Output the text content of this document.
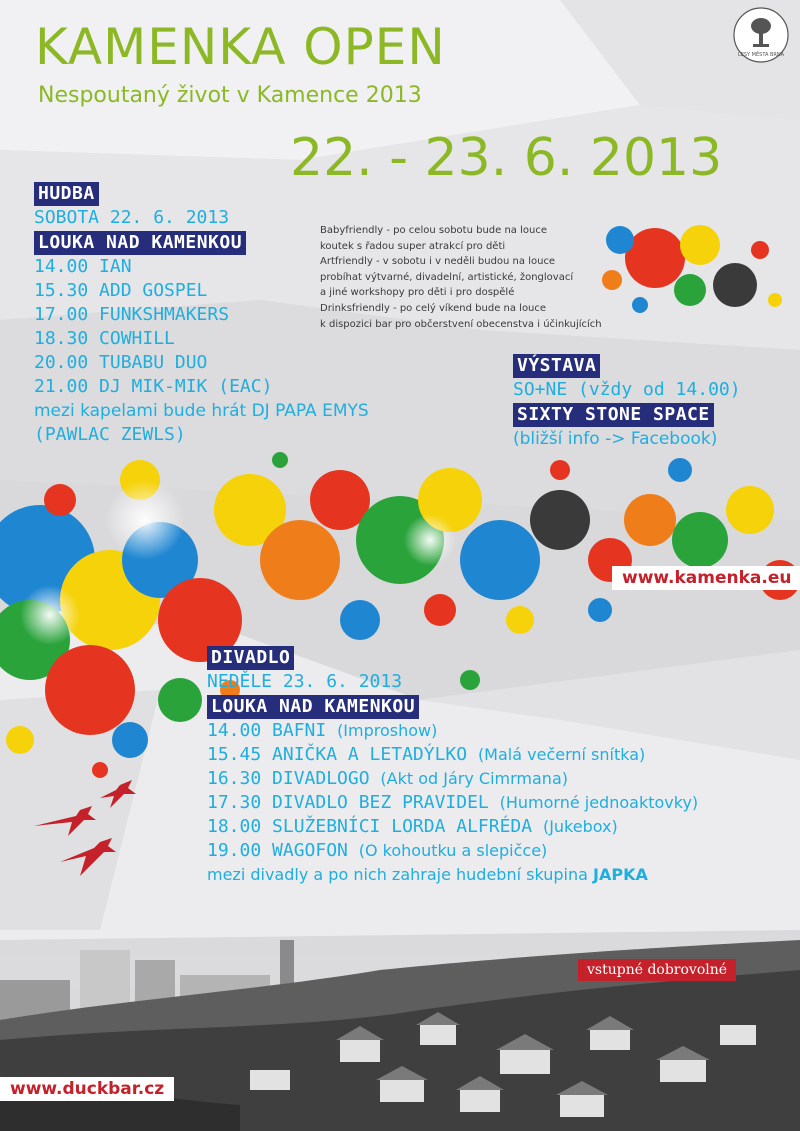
LESY MĚSTA BRNA
KAMENKA OPEN
Nespoutaný život v Kamence 2013
22. - 23. 6. 2013
HUDBA
SOBOTA 22. 6. 2013
LOUKA NAD KAMENKOU
14.00 IAN
15.30 ADD GOSPEL
17.00 FUNKSHMAKERS
18.30 COWHILL
20.00 TUBABU DUO
21.00 DJ MIK-MIK (EAC)
mezi kapelami bude hrát DJ PAPA EMYS
(PAWLAC ZEWLS)
Babyfriendly - po celou sobotu bude na louce
koutek s řadou super atrakcí pro děti
Artfriendly - v sobotu i v neděli budou na louce
probíhat výtvarné, divadelní, artistické, žonglovací
a jiné workshopy pro děti i pro dospělé
Drinksfriendly - po celý víkend bude na louce
k dispozici bar pro občerstvení obecenstva i účinkujících
VÝSTAVA
SO+NE (vždy od 14.00)
SIXTY STONE SPACE
(bližší info -> Facebook)
www.kamenka.eu
DIVADLO
NEDĚLE 23. 6. 2013
LOUKA NAD KAMENKOU
14.00 BAFNI (Improshow)
15.45 ANIČKA A LETADÝLKO (Malá večerní snítka)
16.30 DIVADLOGO (Akt od Járy Cimrmana)
17.30 DIVADLO BEZ PRAVIDEL (Humorné jednoaktovky)
18.00 SLUŽEBNÍCI LORDA ALFRÉDA (Jukebox)
19.00 WAGOFON (O kohoutku a slepičce)
mezi divadly a po nich zahraje hudební skupina JAPKA
vstupné dobrovolné
www.duckbar.cz
